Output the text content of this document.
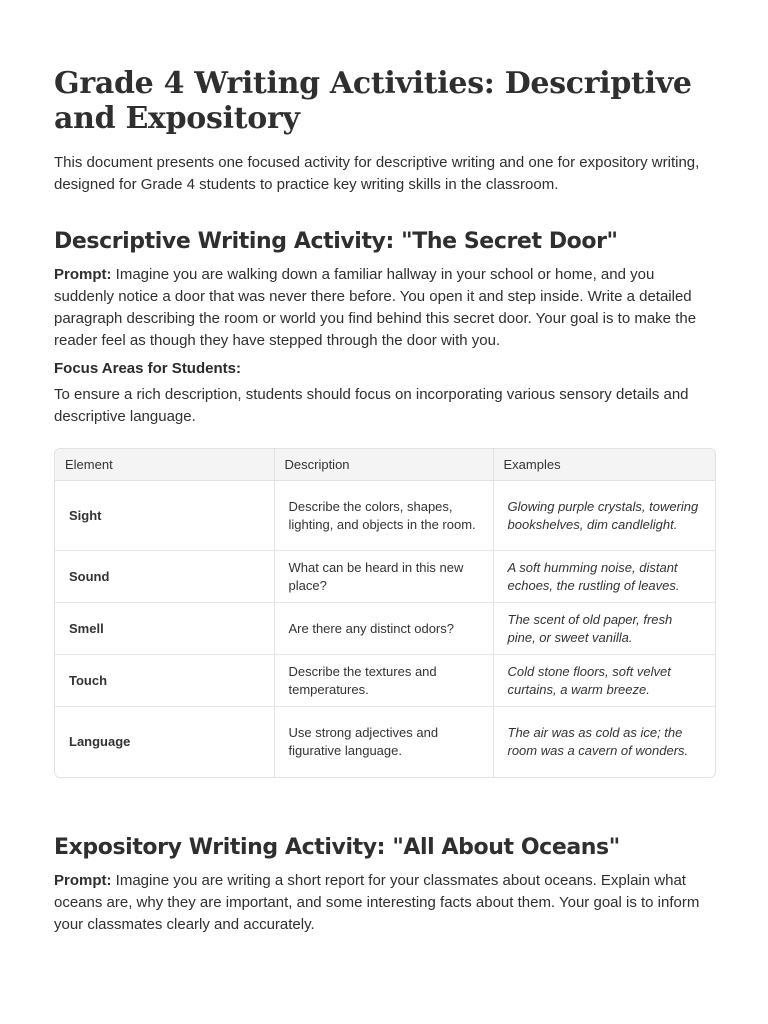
Grade 4 Writing Activities: Descriptive and Expository

This document presents one focused activity for descriptive writing and one for expository writing, designed for Grade 4 students to practice key writing skills in the classroom.

Descriptive Writing Activity: "The Secret Door"

Prompt: Imagine you are walking down a familiar hallway in your school or home, and you suddenly notice a door that was never there before. You open it and step inside. Write a detailed paragraph describing the room or world you find behind this secret door. Your goal is to make the reader feel as though they have stepped through the door with you.

Focus Areas for Students:

To ensure a rich description, students should focus on incorporating various sensory details and descriptive language.

Element	Description	Examples
Sight	Describe the colors, shapes, lighting, and objects in the room.	Glowing purple crystals, towering bookshelves, dim candlelight.
Sound	What can be heard in this new place?	A soft humming noise, distant echoes, the rustling of leaves.
Smell	Are there any distinct odors?	The scent of old paper, fresh pine, or sweet vanilla.
Touch	Describe the textures and temperatures.	Cold stone floors, soft velvet curtains, a warm breeze.
Language	Use strong adjectives and figurative language.	The air was as cold as ice; the room was a cavern of wonders.
Expository Writing Activity: "All About Oceans"

Prompt: Imagine you are writing a short report for your classmates about oceans. Explain what oceans are, why they are important, and some interesting facts about them. Your goal is to inform your classmates clearly and accurately.
